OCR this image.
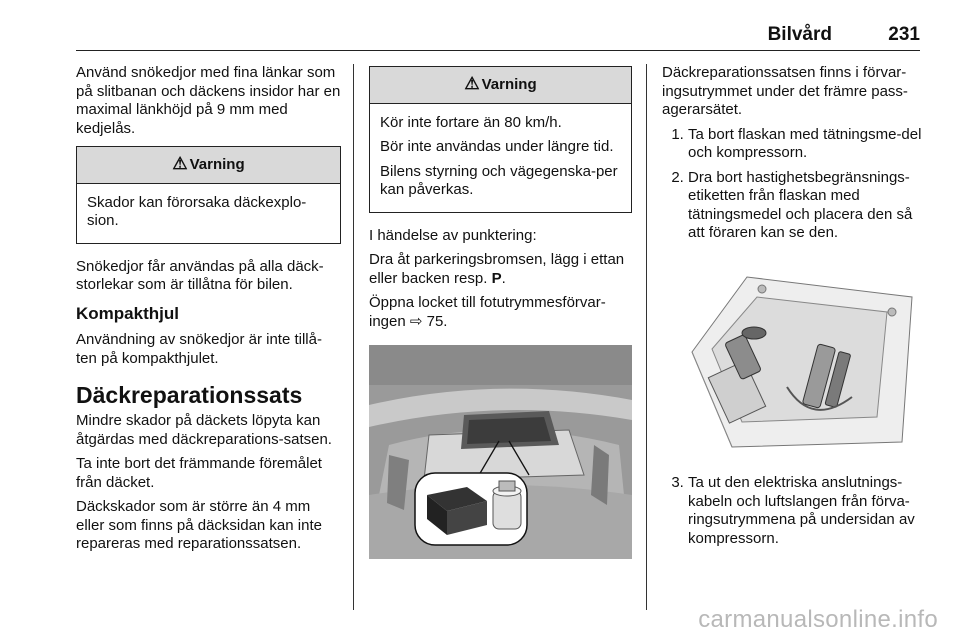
Bilvård	231

Använd snökedjor med fina länkar som på slitbanan och däckens insidor har en maximal länkhöjd på 9 mm med kedjelås.

⚠ Varning

Skador kan förorsaka däckexplo-sion.

Snökedjor får användas på alla däck-storlekar som är tillåtna för bilen.

Kompakthjul

Användning av snökedjor är inte tillå-ten på kompakthjulet.

Däckreparationssats

Mindre skador på däckets löpyta kan åtgärdas med däckreparations-satsen.

Ta inte bort det främmande föremålet från däcket.

Däckskador som är större än 4 mm eller som finns på däcksidan kan inte repareras med reparationssatsen.

⚠ Varning

Kör inte fortare än 80 km/h.

Bör inte användas under längre tid.

Bilens styrning och vägegenska-per kan påverkas.

I händelse av punktering:

Dra åt parkeringsbromsen, lägg i ettan eller backen resp. P.

Öppna locket till fotutrymmesförvar-ingen ⇨ 75.

Däckreparationssatsen finns i förvar-ingsutrymmet under det främre pass-agerarsätet.

1. Ta bort flaskan med tätningsme-del och kompressorn.
2. Dra bort hastighetsbegränsnings-etiketten från flaskan med tätningsmedel och placera den så att föraren kan se den.
3. Ta ut den elektriska anslutnings-kabeln och luftslangen från förva-ringsutrymmena på undersidan av kompressorn.
carmanualsonline.info
